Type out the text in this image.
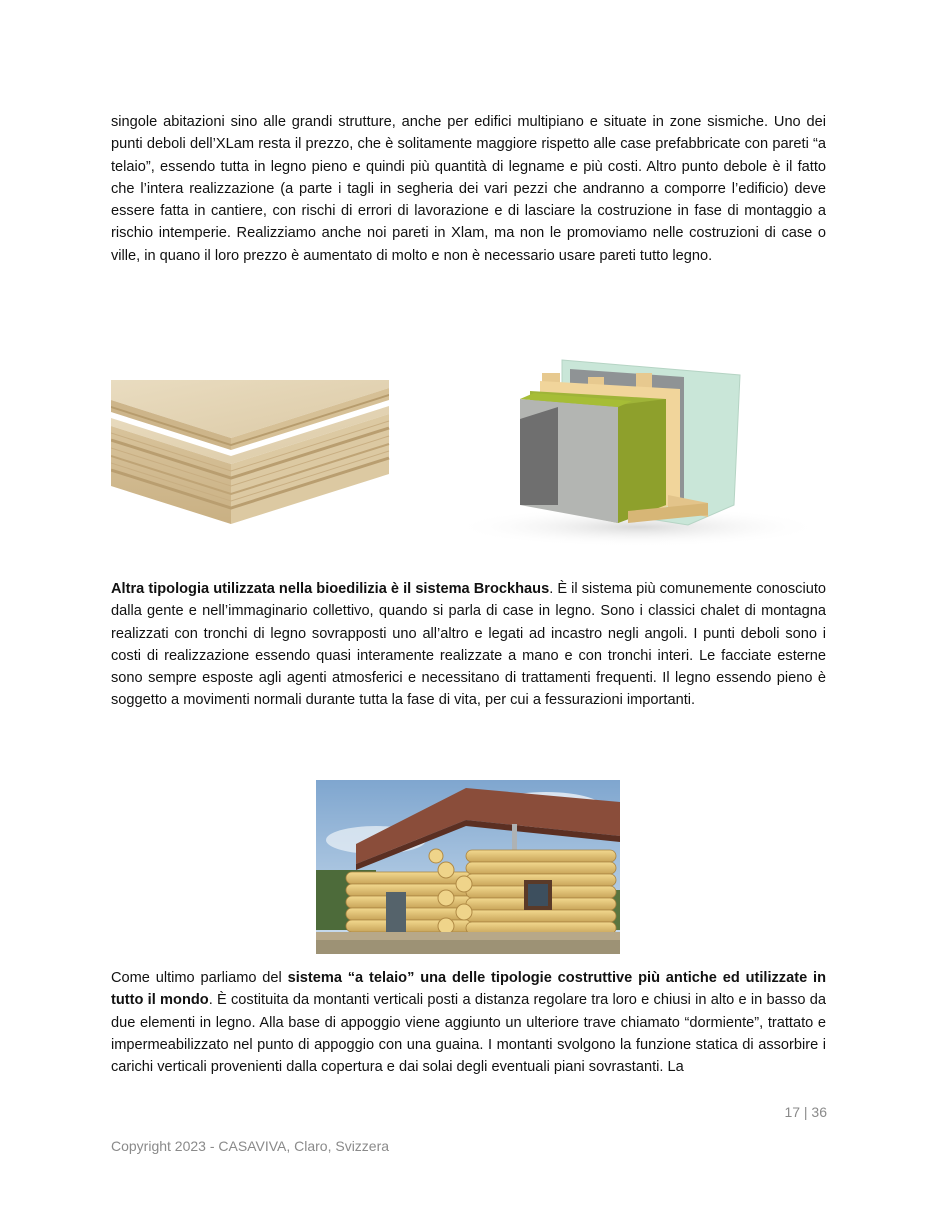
singole abitazioni sino alle grandi strutture, anche per edifici multipiano e situate in zone sismiche. Uno dei punti deboli dell’XLam resta il prezzo, che è solitamente maggiore rispetto alle case prefabbricate con pareti “a telaio”, essendo tutta in legno pieno e quindi più quantità di legname e più costi. Altro punto debole è il fatto che l’intera realizzazione (a parte i tagli in segheria dei vari pezzi che andranno a comporre l’edificio) deve essere fatta in cantiere, con rischi di errori di lavorazione e di lasciare la costruzione in fase di montaggio a rischio intemperie. Realizziamo anche noi pareti in Xlam, ma non le promoviamo nelle costruzioni di case o ville, in quano il loro prezzo è aumentato di molto e non è necessario usare pareti tutto legno.

Altra tipologia utilizzata nella bioedilizia è il sistema Brockhaus. È il sistema più comunemente conosciuto dalla gente e nell’immaginario collettivo, quando si parla di case in legno. Sono i classici chalet di montagna realizzati con tronchi di legno sovrapposti uno all’altro e legati ad incastro negli angoli. I punti deboli sono i costi di realizzazione essendo quasi interamente realizzate a mano e con tronchi interi. Le facciate esterne sono sempre esposte agli agenti atmosferici e necessitano di trattamenti frequenti. Il legno essendo pieno è soggetto a movimenti normali durante tutta la fase di vita, per cui a fessurazioni importanti.

Come ultimo parliamo del sistema “a telaio” una delle tipologie costruttive più antiche ed utilizzate in tutto il mondo. È costituita da montanti verticali posti a distanza regolare tra loro e chiusi in alto e in basso da due elementi in legno. Alla base di appoggio viene aggiunto un ulteriore trave chiamato “dormiente”, trattato e impermeabilizzato nel punto di appoggio con una guaina. I montanti svolgono la funzione statica di assorbire i carichi verticali provenienti dalla copertura e dai solai degli eventuali piani sovrastanti. La

17 | 36
Copyright 2023 - CASAVIVA, Claro, Svizzera
